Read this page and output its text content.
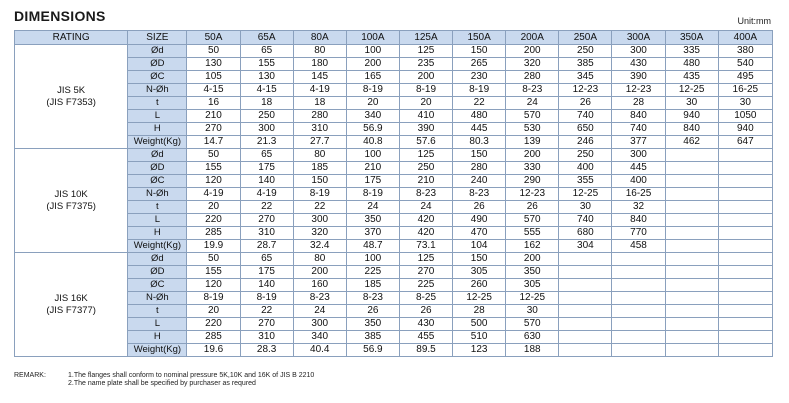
DIMENSIONS	Unit:mm
RATING	SIZE	50A	65A	80A	100A	125A	150A	200A	250A	300A	350A	400A

JIS 5K
(JIS F7353)	Ød	50	65	80	100	125	150	200	250	300	335	380
	ØD	130	155	180	200	235	265	320	385	430	480	540
	ØC	105	130	145	165	200	230	280	345	390	435	495
	N-Øh	4-15	4-15	4-19	8-19	8-19	8-19	8-23	12-23	12-23	12-25	16-25
	t	16	18	18	20	20	22	24	26	28	30	30
	L	210	250	280	340	410	480	570	740	840	940	1050
	H	270	300	310	56.9	390	445	530	650	740	840	940
	Weight(Kg)	14.7	21.3	27.7	40.8	57.6	80.3	139	246	377	462	647

JIS 10K
(JIS F7375)	Ød	50	65	80	100	125	150	200	250	300		
	ØD	155	175	185	210	250	280	330	400	445		
	ØC	120	140	150	175	210	240	290	355	400		
	N-Øh	4-19	4-19	8-19	8-19	8-23	8-23	12-23	12-25	16-25		
	t	20	22	22	24	24	26	26	30	32		
	L	220	270	300	350	420	490	570	740	840		
	H	285	310	320	370	420	470	555	680	770		
	Weight(Kg)	19.9	28.7	32.4	48.7	73.1	104	162	304	458		

JIS 16K
(JIS F7377)	Ød	50	65	80	100	125	150	200				
	ØD	155	175	200	225	270	305	350				
	ØC	120	140	160	185	225	260	305				
	N-Øh	8-19	8-19	8-23	8-23	8-25	12-25	12-25				
	t	20	22	24	26	26	28	30				
	L	220	270	300	350	430	500	570				
	H	285	310	340	385	455	510	630				
	Weight(Kg)	19.6	28.3	40.4	56.9	89.5	123	188				
REMARK:	1.The flanges shall conform to nominal pressure 5K,10K and 16K of JIS B 2210
2.The name plate shall be specified by purchaser as requred
